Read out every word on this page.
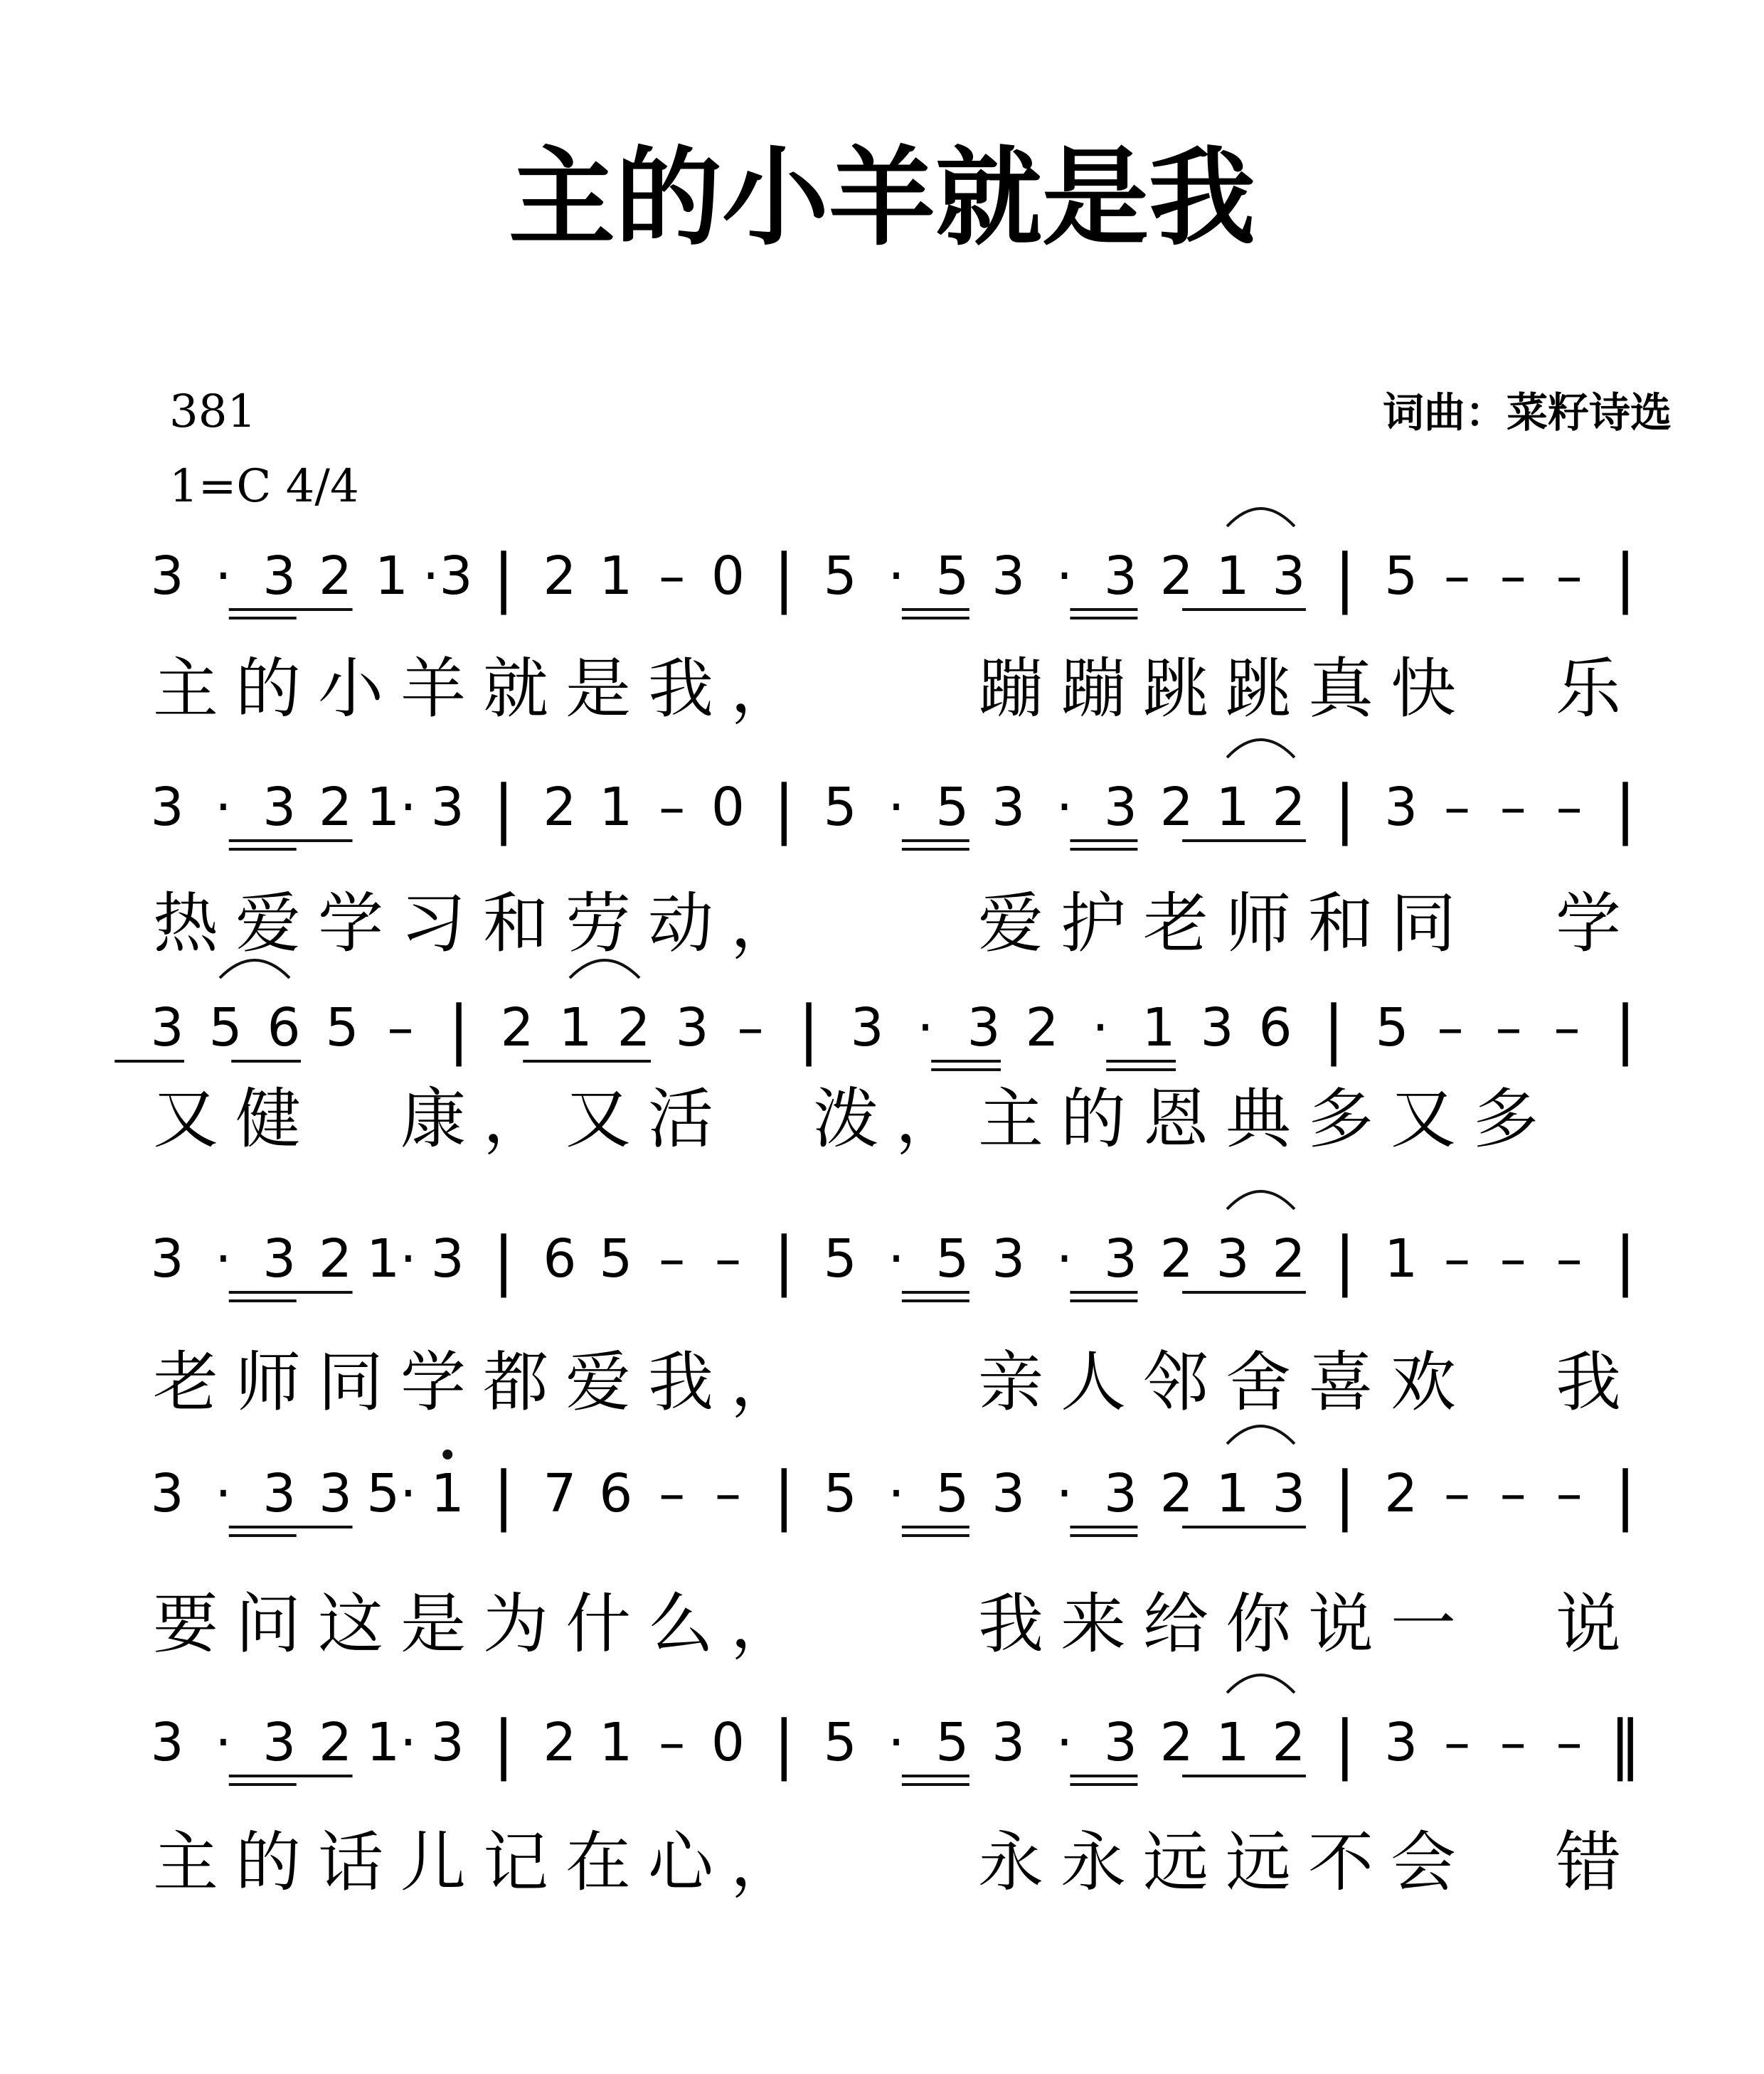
主的小羊就是我
381
1=C 4/4
词曲：菜籽诗选
3 · 3 2 1 ·3 | 2 1 – 0 | 5 · 5 3 · 3 2 1 3 | 5 – – – |
主 的 小 羊 就 是 我 ，	蹦 蹦 跳 跳 真 快 乐
3 · 3 2 1· 3 | 2 1 – 0 | 5 · 5 3 · 3 2 1 2 | 3 – – – |
热 爱 学 习 和 劳 动 ，	爱 护 老 师 和 同 学
3 5 6 5 – | 2 1 2 3 – | 3 · 3 2 · 1 3 6 | 5 – – – |
又 健 康 ， 又 活 泼 ， 主 的 恩 典 多 又 多
3 · 3 2 1· 3 | 6 5 – – | 5 · 5 3 · 3 2 3 2 | 1 – – – |
老 师 同 学 都 爱 我 ，	亲 人 邻 舍 喜 欢 我
3 · 3 3 5· 1 | 7 6 – – | 5 · 5 3 · 3 2 1 3 | 2 – – – |
要 问 这 是 为 什 么 ，	我 来 给 你 说 一 说
3 · 3 2 1· 3 | 2 1 – 0 | 5 · 5 3 · 3 2 1 2 | 3 – – – ‖
主 的 话 儿 记 在 心 ，	永 永 远 远 不 会 错
